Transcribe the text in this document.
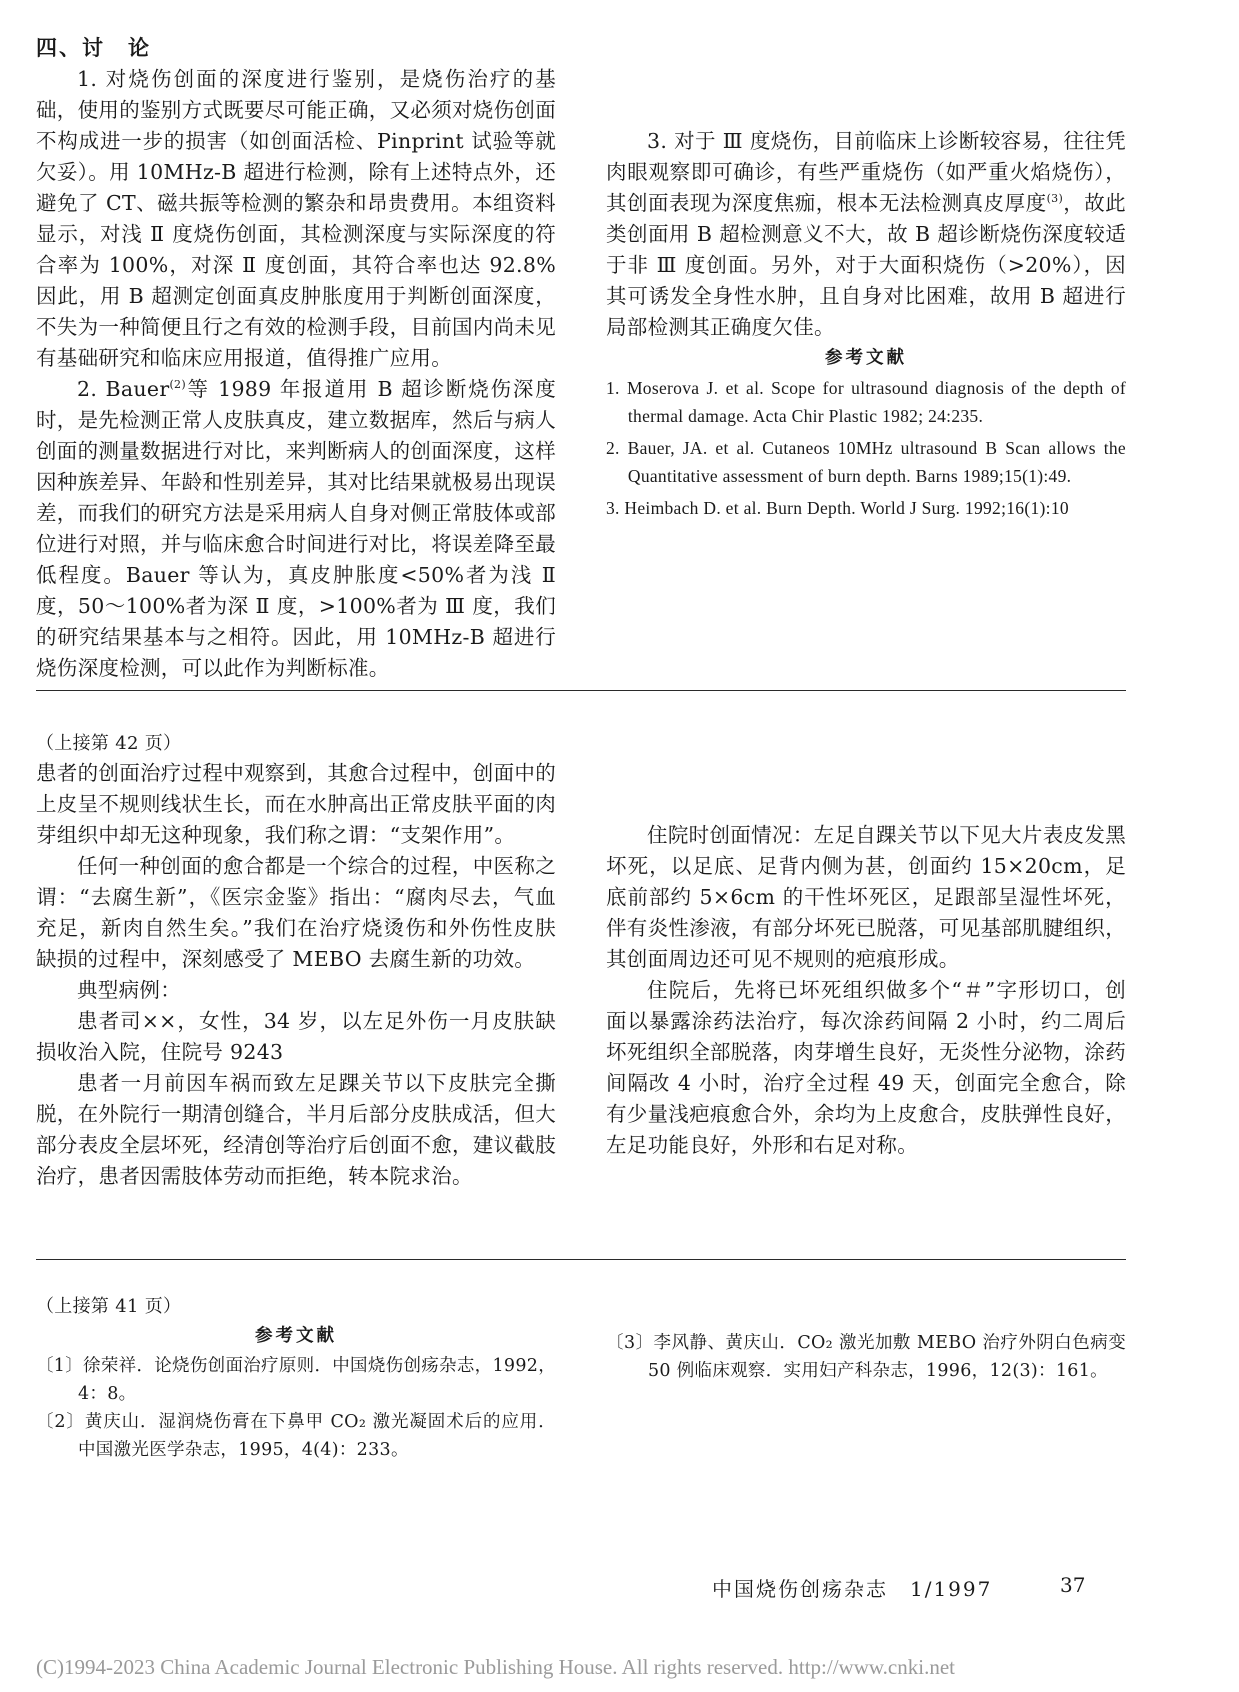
四、讨　论

1. 对烧伤创面的深度进行鉴别，是烧伤治疗的基础，使用的鉴别方式既要尽可能正确，又必须对烧伤创面不构成进一步的损害（如创面活检、Pinprint 试验等就欠妥）。用 10MHz-B 超进行检测，除有上述特点外，还避免了 CT、磁共振等检测的繁杂和昂贵费用。本组资料显示，对浅 Ⅱ 度烧伤创面，其检测深度与实际深度的符合率为 100%，对深 Ⅱ 度创面，其符合率也达 92.8%因此，用 B 超测定创面真皮肿胀度用于判断创面深度，不失为一种简便且行之有效的检测手段，目前国内尚未见有基础研究和临床应用报道，值得推广应用。

2. Bauer$^{(2)}$等 1989 年报道用 B 超诊断烧伤深度时，是先检测正常人皮肤真皮，建立数据库，然后与病人创面的测量数据进行对比，来判断病人的创面深度，这样因种族差异、年龄和性别差异，其对比结果就极易出现误差，而我们的研究方法是采用病人自身对侧正常肢体或部位进行对照，并与临床愈合时间进行对比，将误差降至最低程度。Bauer 等认为，真皮肿胀度<50%者为浅 Ⅱ 度，50～100%者为深 Ⅱ 度，>100%者为 Ⅲ 度，我们的研究结果基本与之相符。因此，用 10MHz-B 超进行烧伤深度检测，可以此作为判断标准。

3. 对于 Ⅲ 度烧伤，目前临床上诊断较容易，往往凭肉眼观察即可确诊，有些严重烧伤（如严重火焰烧伤），其创面表现为深度焦痂，根本无法检测真皮厚度$^{(3)}$，故此类创面用 B 超检测意义不大，故 B 超诊断烧伤深度较适于非 Ⅲ 度创面。另外，对于大面积烧伤（>20%），因其可诱发全身性水肿，且自身对比困难，故用 B 超进行局部检测其正确度欠佳。

参考文献

1. Moserova J. et al. Scope for ultrasound diagnosis of the depth of thermal damage. Acta Chir Plastic 1982; 24:235.

2. Bauer, JA. et al. Cutaneos 10MHz ultrasound B Scan allows the Quantitative assessment of burn depth. Barns 1989;15(1):49.

3. Heimbach D. et al. Burn Depth. World J Surg. 1992;16(1):10

（上接第 42 页）

患者的创面治疗过程中观察到，其愈合过程中，创面中的上皮呈不规则线状生长，而在水肿高出正常皮肤平面的肉芽组织中却无这种现象，我们称之谓：“支架作用”。

任何一种创面的愈合都是一个综合的过程，中医称之谓：“去腐生新”，《医宗金鉴》指出：“腐肉尽去，气血充足，新肉自然生矣。”我们在治疗烧烫伤和外伤性皮肤缺损的过程中，深刻感受了 MEBO 去腐生新的功效。

典型病例：

患者司××，女性，34 岁，以左足外伤一月皮肤缺损收治入院，住院号 9243

患者一月前因车祸而致左足踝关节以下皮肤完全撕脱，在外院行一期清创缝合，半月后部分皮肤成活，但大部分表皮全层坏死，经清创等治疗后创面不愈，建议截肢治疗，患者因需肢体劳动而拒绝，转本院求治。

住院时创面情况：左足自踝关节以下见大片表皮发黑坏死，以足底、足背内侧为甚，创面约 15×20cm，足底前部约 5×6cm 的干性坏死区，足跟部呈湿性坏死，伴有炎性渗液，有部分坏死已脱落，可见基部肌腱组织，其创面周边还可见不规则的疤痕形成。

住院后，先将已坏死组织做多个“＃”字形切口，创面以暴露涂药法治疗，每次涂药间隔 2 小时，约二周后坏死组织全部脱落，肉芽增生良好，无炎性分泌物，涂药间隔改 4 小时，治疗全过程 49 天，创面完全愈合，除有少量浅疤痕愈合外，余均为上皮愈合，皮肤弹性良好，左足功能良好，外形和右足对称。

（上接第 41 页）

参考文献

〔1〕徐荣祥．论烧伤创面治疗原则．中国烧伤创疡杂志，1992，4：8。

〔2〕黄庆山．湿润烧伤膏在下鼻甲 CO₂ 激光凝固术后的应用．中国激光医学杂志，1995，4(4)：233。

〔3〕李风静、黄庆山．CO₂ 激光加敷 MEBO 治疗外阴白色病变 50 例临床观察．实用妇产科杂志，1996，12(3)：161。

中国烧伤创疡杂志　1/1997	37
(C)1994-2023 China Academic Journal Electronic Publishing House. All rights reserved. http://www.cnki.net
